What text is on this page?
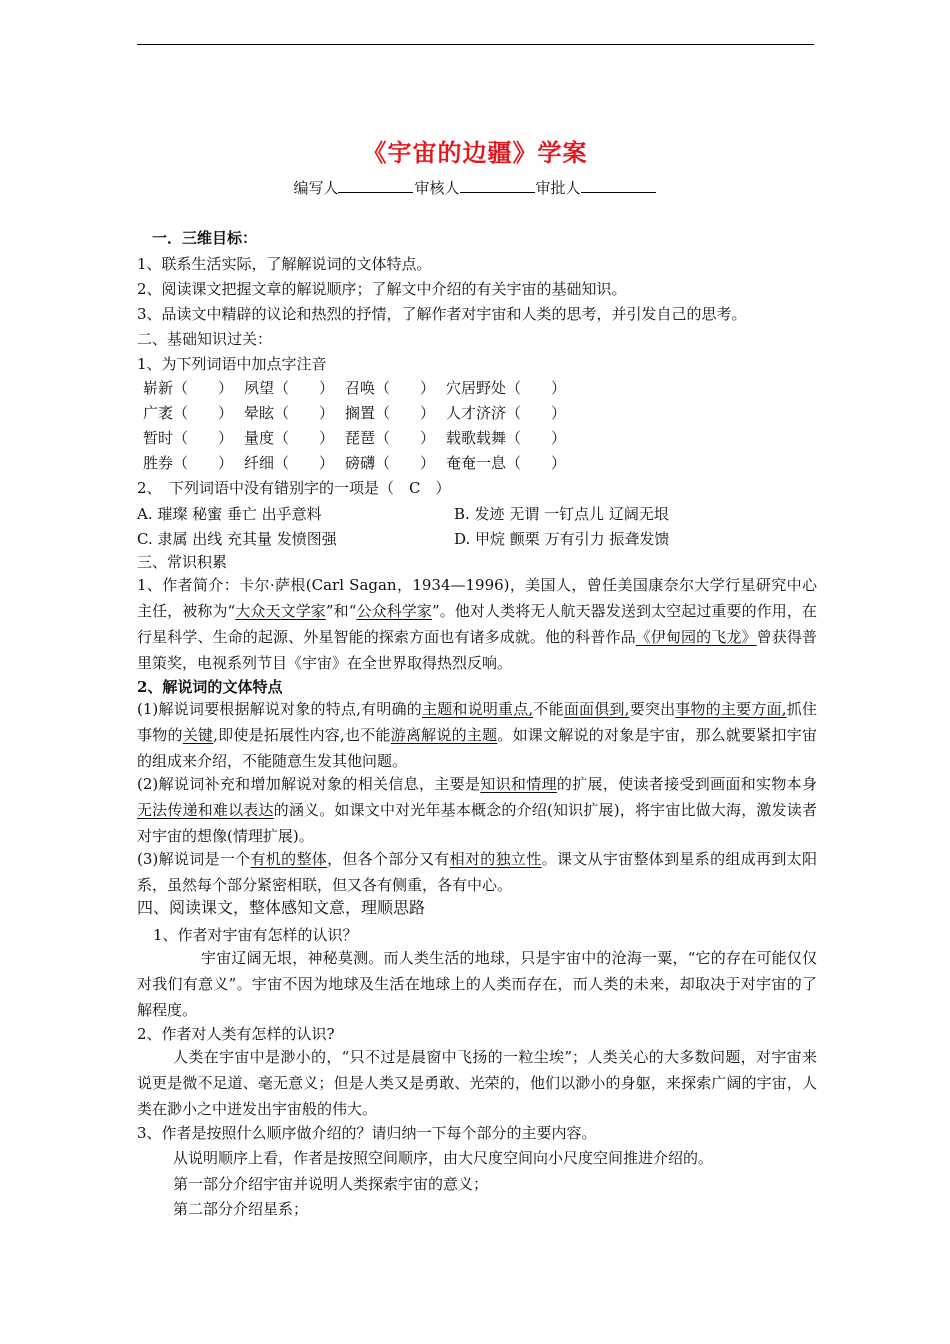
《宇宙的边疆》学案
编写人	审核人	审批人
一．三维目标：
1、联系生活实际，了解解说词的文体特点。
2、阅读课文把握文章的解说顺序；了解文中介绍的有关宇宙的基础知识。
3、品读文中精辟的议论和热烈的抒情，了解作者对宇宙和人类的思考，并引发自己的思考。
二、基础知识过关：
1、为下列词语中加点字注音
崭新（　　） 夙望（　　） 召唤（　　） 穴居野处（　　）
广袤（　　） 晕眩（　　） 搁置（　　） 人才济济（　　）
暂时（　　） 量度（　　） 琵琶（　　） 载歌载舞（　　）
胜券（　　） 纤细（　　） 磅礴（　　） 奄奄一息（　　）
2、　下列词语中没有错别字的一项是（　C　）
A. 璀璨 秘蜜 垂亡 出乎意料	B. 发迹 无谓 一钉点儿 辽阔无垠
C. 隶属 出线 充其量 发愤图强	D. 甲烷 颤栗 万有引力 振聋发馈
三、常识积累
1、作者简介：卡尔·萨根(Carl Sagan，1934—1996)，美国人，曾任美国康奈尔大学行星研究中心主任，被称为“大众天文学家”和“公众科学家”。他对人类将无人航天器发送到太空起过重要的作用，在行星科学、生命的起源、外星智能的探索方面也有诸多成就。他的科普作品《伊甸园的飞龙》曾获得普里策奖，电视系列节目《宇宙》在全世界取得热烈反响。
2、解说词的文体特点
(1)解说词要根据解说对象的特点,有明确的主题和说明重点,不能面面俱到,要突出事物的主要方面,抓住事物的关键,即使是拓展性内容,也不能游离解说的主题。如课文解说的对象是宇宙，那么就要紧扣宇宙的组成来介绍，不能随意生发其他问题。
(2)解说词补充和增加解说对象的相关信息，主要是知识和情理的扩展，使读者接受到画面和实物本身无法传递和难以表达的涵义。如课文中对光年基本概念的介绍(知识扩展)，将宇宙比做大海，激发读者对宇宙的想像(情理扩展)。
(3)解说词是一个有机的整体，但各个部分又有相对的独立性。课文从宇宙整体到星系的组成再到太阳系，虽然每个部分紧密相联，但又各有侧重，各有中心。
四、阅读课文，整体感知文意，理顺思路
1、作者对宇宙有怎样的认识？
宇宙辽阔无垠，神秘莫测。而人类生活的地球，只是宇宙中的沧海一粟，“它的存在可能仅仅对我们有意义”。宇宙不因为地球及生活在地球上的人类而存在，而人类的未来，却取决于对宇宙的了解程度。
2、作者对人类有怎样的认识?
人类在宇宙中是渺小的，“只不过是晨窗中飞扬的一粒尘埃”；人类关心的大多数问题，对宇宙来说更是微不足道、毫无意义；但是人类又是勇敢、光荣的，他们以渺小的身躯，来探索广阔的宇宙，人类在渺小之中迸发出宇宙般的伟大。
3、作者是按照什么顺序做介绍的？请归纳一下每个部分的主要内容。
从说明顺序上看，作者是按照空间顺序，由大尺度空间向小尺度空间推进介绍的。
第一部分介绍宇宙并说明人类探索宇宙的意义；
第二部分介绍星系；
